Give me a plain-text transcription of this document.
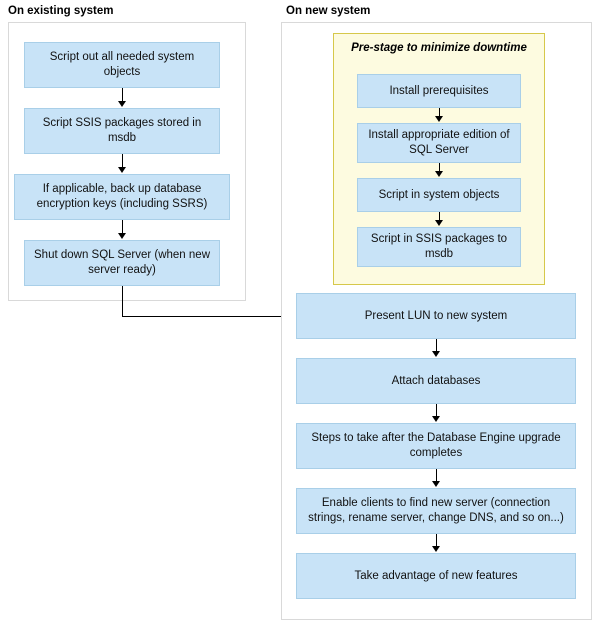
On existing system
Script out all needed system objects
Script SSIS packages stored in msdb
If applicable, back up database encryption keys (including SSRS)
Shut down SQL Server (when new server ready)
On new system
Pre-stage to minimize downtime
Install prerequisites
Install appropriate edition of SQL Server
Script in system objects
Script in SSIS packages to msdb
Present LUN to new system
Attach databases
Steps to take after the Database Engine upgrade completes
Enable clients to find new server (connection strings, rename server, change DNS, and so on...)
Take advantage of new features
